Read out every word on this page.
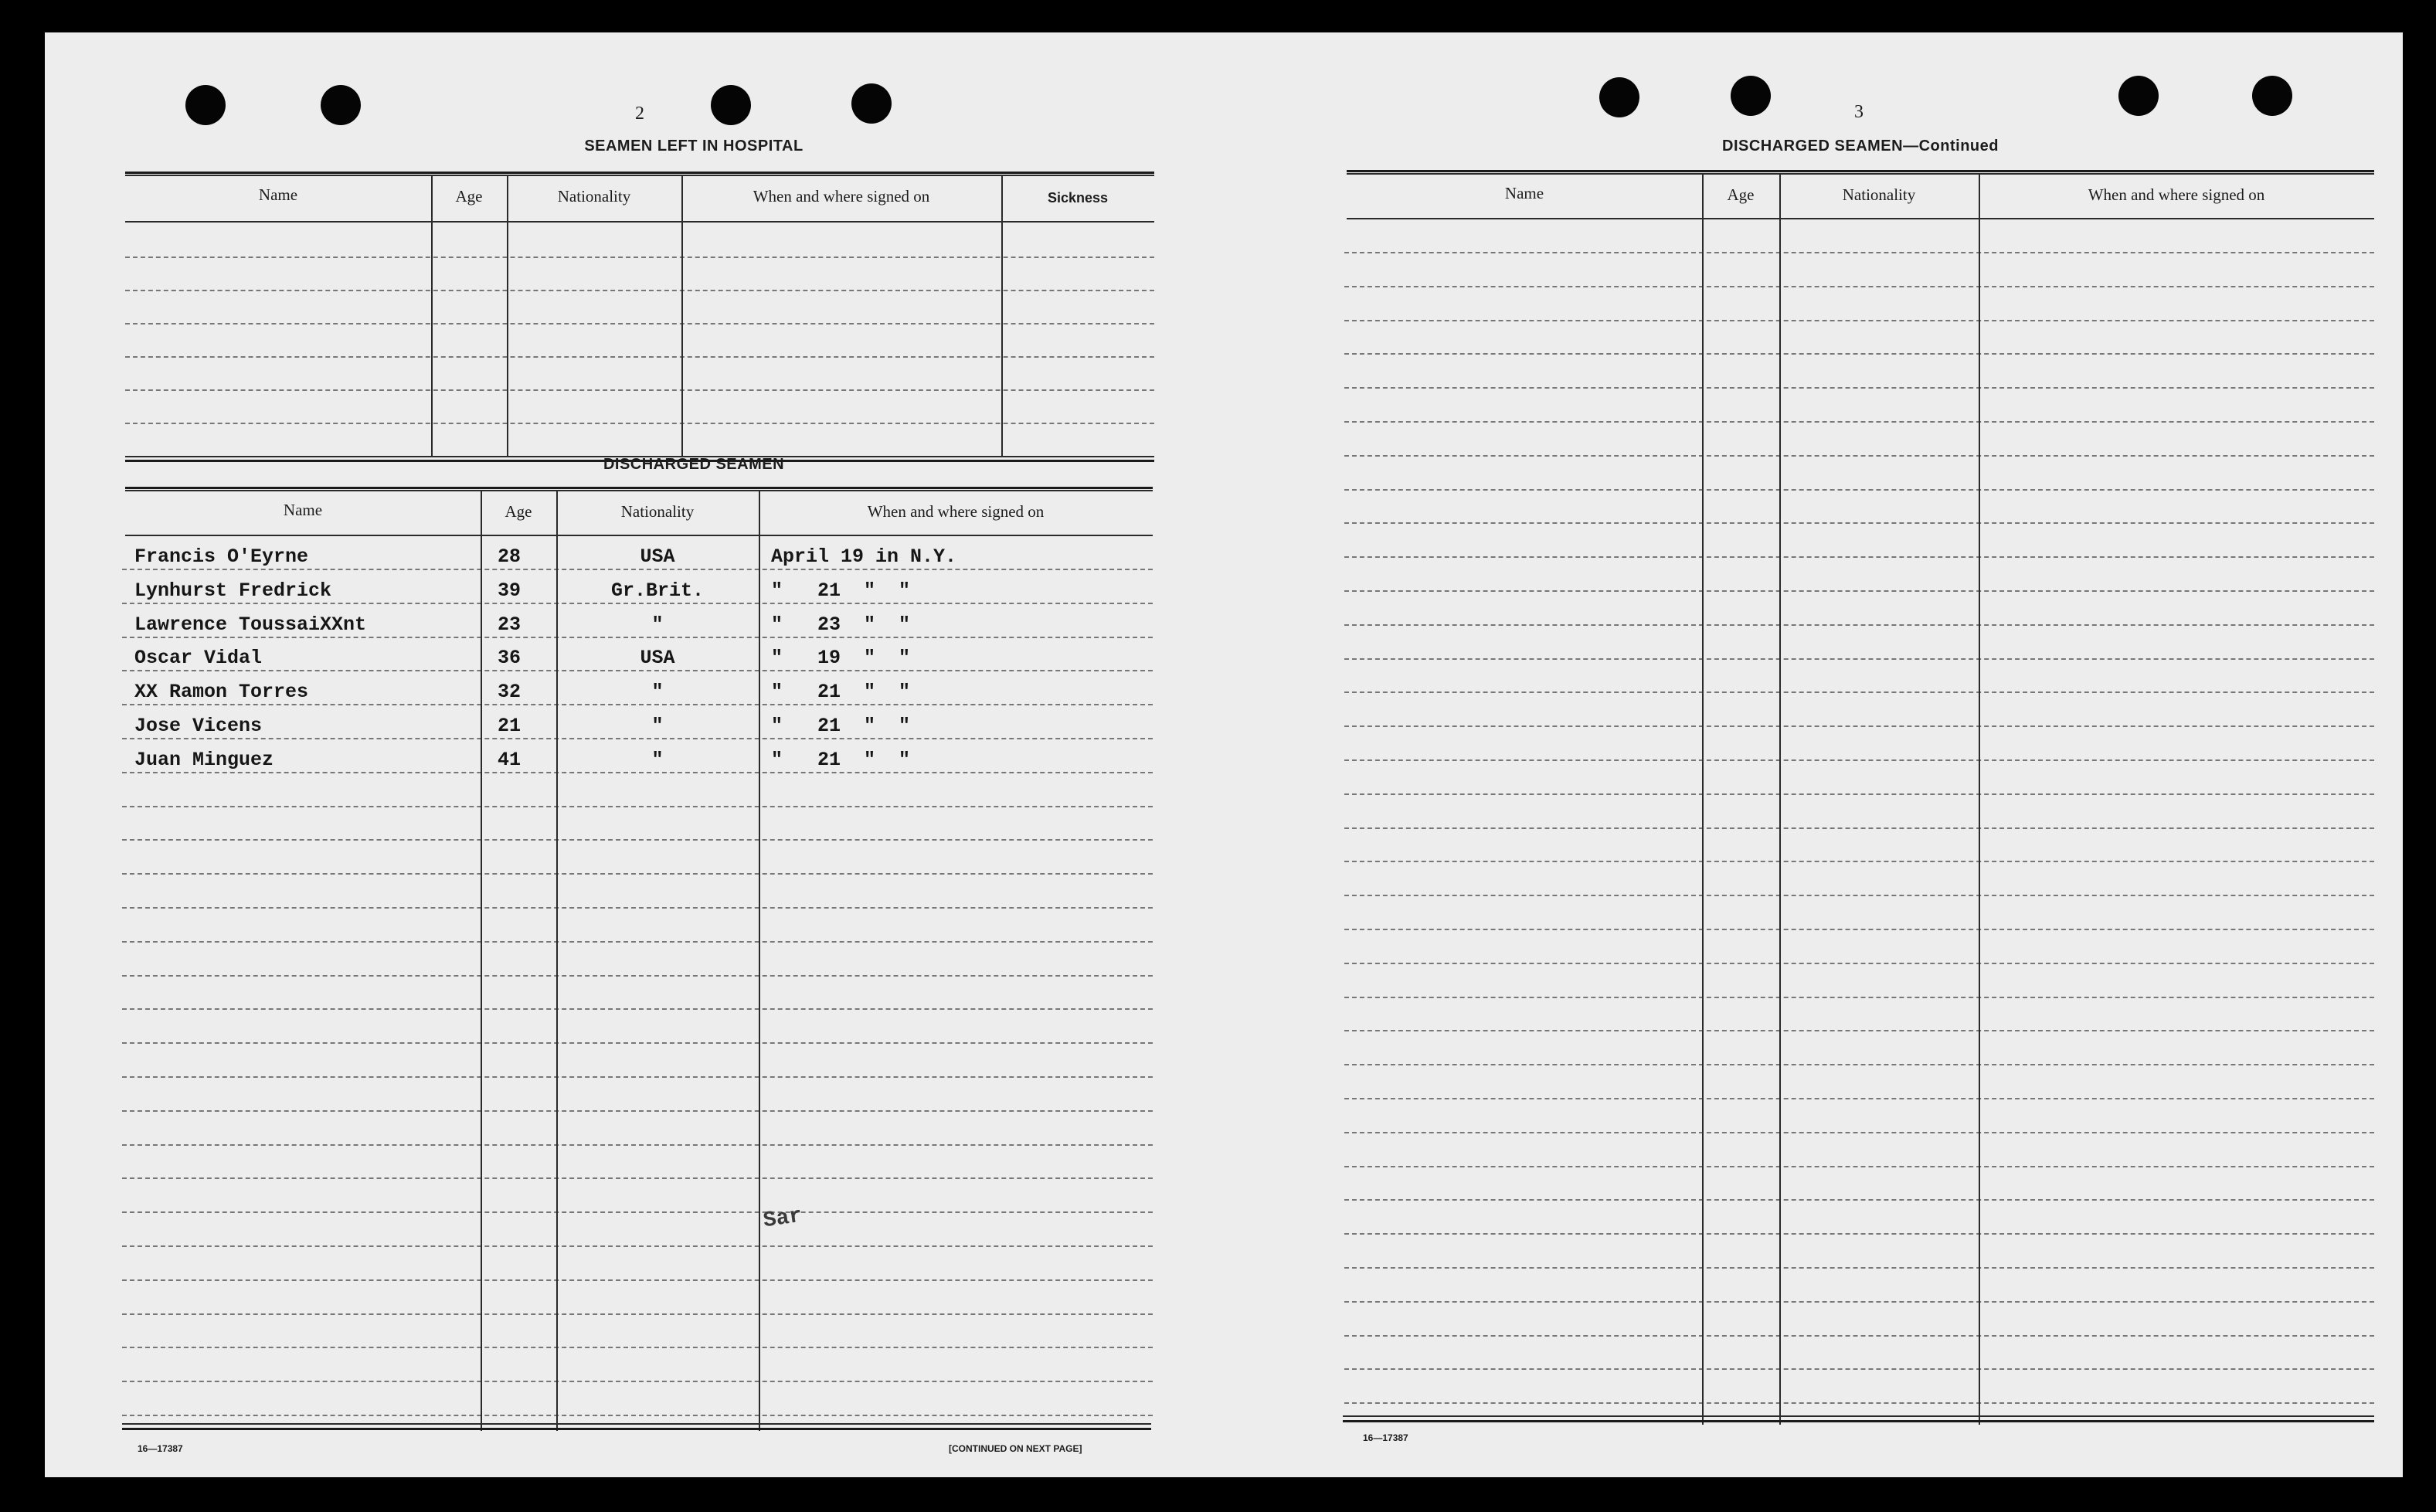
2
SEAMEN LEFT IN HOSPITAL
Name	Age	Nationality	When and where signed on	Sickness
DISCHARGED SEAMEN
Name	Age	Nationality	When and where signed on
Francis O'Eyrne	28	USA	April 19 in N.Y.
Lynhurst Fredrick	39	Gr.Brit.	"   21  "  "
Lawrence ToussaiXXnt	23	"	"   23  "  "
Oscar Vidal	36	USA	"   19  "  "
XX Ramon Torres	32	"	"   21  "  "
Jose Vicens	21	"	"   21  "  "
Juan Minguez	41	"	"   21  "  "
Sar
16—17387	[CONTINUED ON NEXT PAGE]
3
DISCHARGED SEAMEN—Continued
Name	Age	Nationality	When and where signed on
16—17387
